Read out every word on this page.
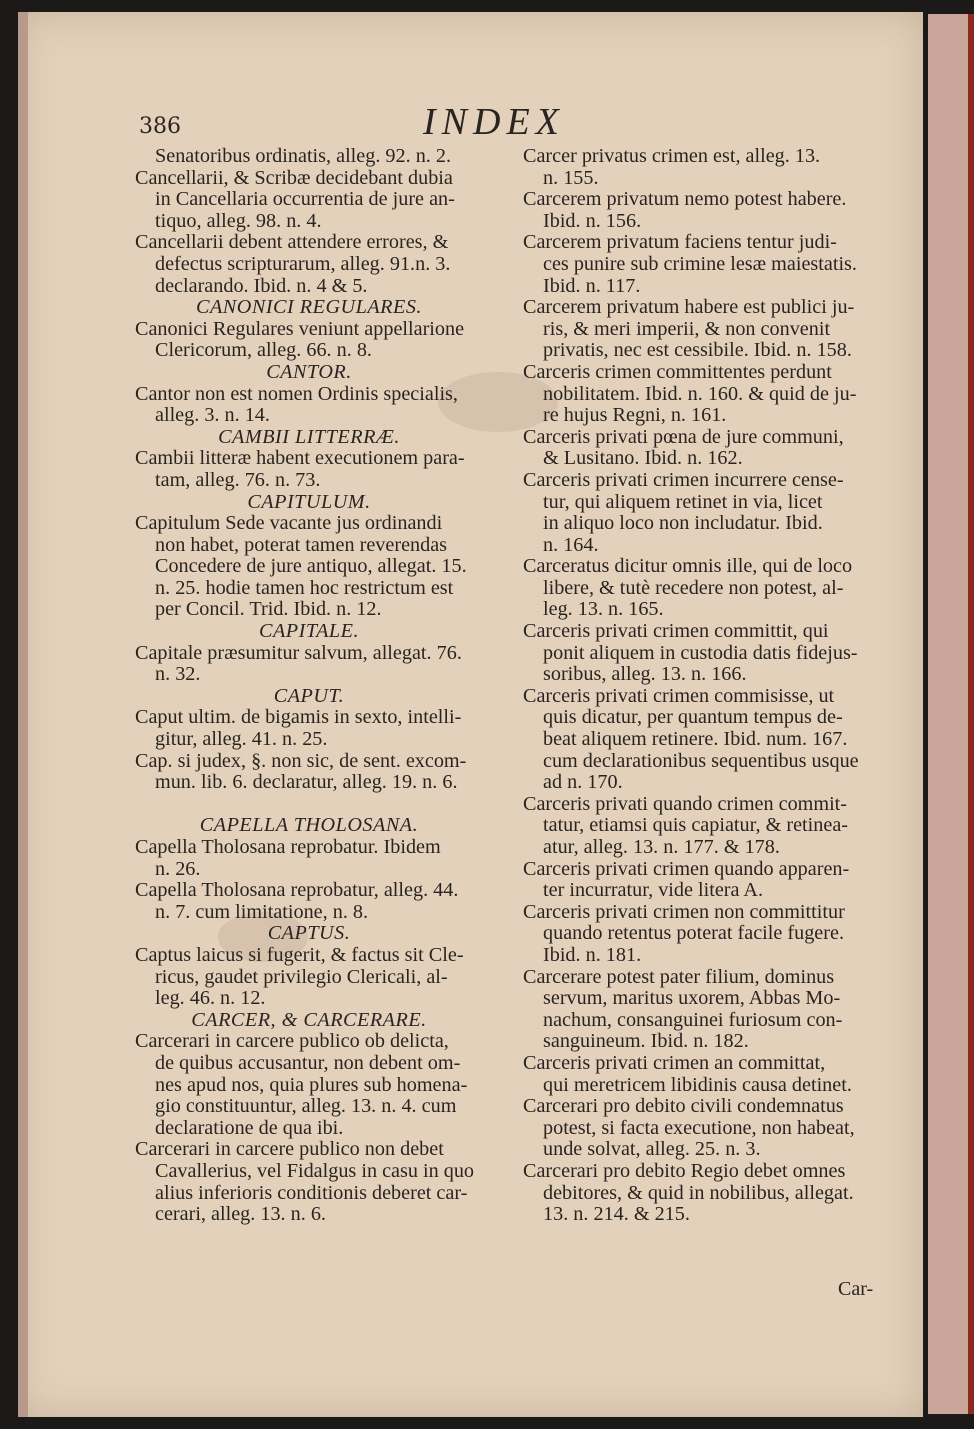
386	INDEX
Senatoribus ordinatis, alleg. 92. n. 2.
Cancellarii, & Scribæ decidebant dubia
in Cancellaria occurrentia de jure an-
tiquo, alleg. 98. n. 4.
Cancellarii debent attendere errores, &
defectus scripturarum, alleg. 91.n. 3.
declarando. Ibid. n. 4 & 5.
CANONICI REGULARES.
Canonici Regulares veniunt appellarione
Clericorum, alleg. 66. n. 8.
CANTOR.
Cantor non est nomen Ordinis specialis,
alleg. 3. n. 14.
CAMBII LITTERRÆ.
Cambii litteræ habent executionem para-
tam, alleg. 76. n. 73.
CAPITULUM.
Capitulum Sede vacante jus ordinandi
non habet, poterat tamen reverendas
Concedere de jure antiquo, allegat. 15.
n. 25. hodie tamen hoc restrictum est
per Concil. Trid. Ibid. n. 12.
CAPITALE.
Capitale præsumitur salvum, allegat. 76.
n. 32.
CAPUT.
Caput ultim. de bigamis in sexto, intelli-
gitur, alleg. 41. n. 25.
Cap. si judex, §. non sic, de sent. excom-
mun. lib. 6. declaratur, alleg. 19. n. 6.
CAPELLA THOLOSANA.
Capella Tholosana reprobatur. Ibidem
n. 26.
Capella Tholosana reprobatur, alleg. 44.
n. 7. cum limitatione, n. 8.
CAPTUS.
Captus laicus si fugerit, & factus sit Cle-
ricus, gaudet privilegio Clericali, al-
leg. 46. n. 12.
CARCER, & CARCERARE.
Carcerari in carcere publico ob delicta,
de quibus accusantur, non debent om-
nes apud nos, quia plures sub homena-
gio constituuntur, alleg. 13. n. 4. cum
declaratione de qua ibi.
Carcerari in carcere publico non debet
Cavallerius, vel Fidalgus in casu in quo
alius inferioris conditionis deberet car-
cerari, alleg. 13. n. 6.
Carcer privatus crimen est, alleg. 13.
n. 155.
Carcerem privatum nemo potest habere.
Ibid. n. 156.
Carcerem privatum faciens tentur judi-
ces punire sub crimine lesæ maiestatis.
Ibid. n. 117.
Carcerem privatum habere est publici ju-
ris, & meri imperii, & non convenit
privatis, nec est cessibile. Ibid. n. 158.
Carceris crimen committentes perdunt
nobilitatem. Ibid. n. 160. & quid de ju-
re hujus Regni, n. 161.
Carceris privati pœna de jure communi,
& Lusitano. Ibid. n. 162.
Carceris privati crimen incurrere cense-
tur, qui aliquem retinet in via, licet
in aliquo loco non includatur. Ibid.
n. 164.
Carceratus dicitur omnis ille, qui de loco
libere, & tutè recedere non potest, al-
leg. 13. n. 165.
Carceris privati crimen committit, qui
ponit aliquem in custodia datis fidejus-
soribus, alleg. 13. n. 166.
Carceris privati crimen commisisse, ut
quis dicatur, per quantum tempus de-
beat aliquem retinere. Ibid. num. 167.
cum declarationibus sequentibus usque
ad n. 170.
Carceris privati quando crimen commit-
tatur, etiamsi quis capiatur, & retinea-
atur, alleg. 13. n. 177. & 178.
Carceris privati crimen quando apparen-
ter incurratur, vide litera A.
Carceris privati crimen non committitur
quando retentus poterat facile fugere.
Ibid. n. 181.
Carcerare potest pater filium, dominus
servum, maritus uxorem, Abbas Mo-
nachum, consanguinei furiosum con-
sanguineum. Ibid. n. 182.
Carceris privati crimen an committat,
qui meretricem libidinis causa detinet.
Carcerari pro debito civili condemnatus
potest, si facta executione, non habeat,
unde solvat, alleg. 25. n. 3.
Carcerari pro debito Regio debet omnes
debitores, & quid in nobilibus, allegat.
13. n. 214. & 215.
Car-
